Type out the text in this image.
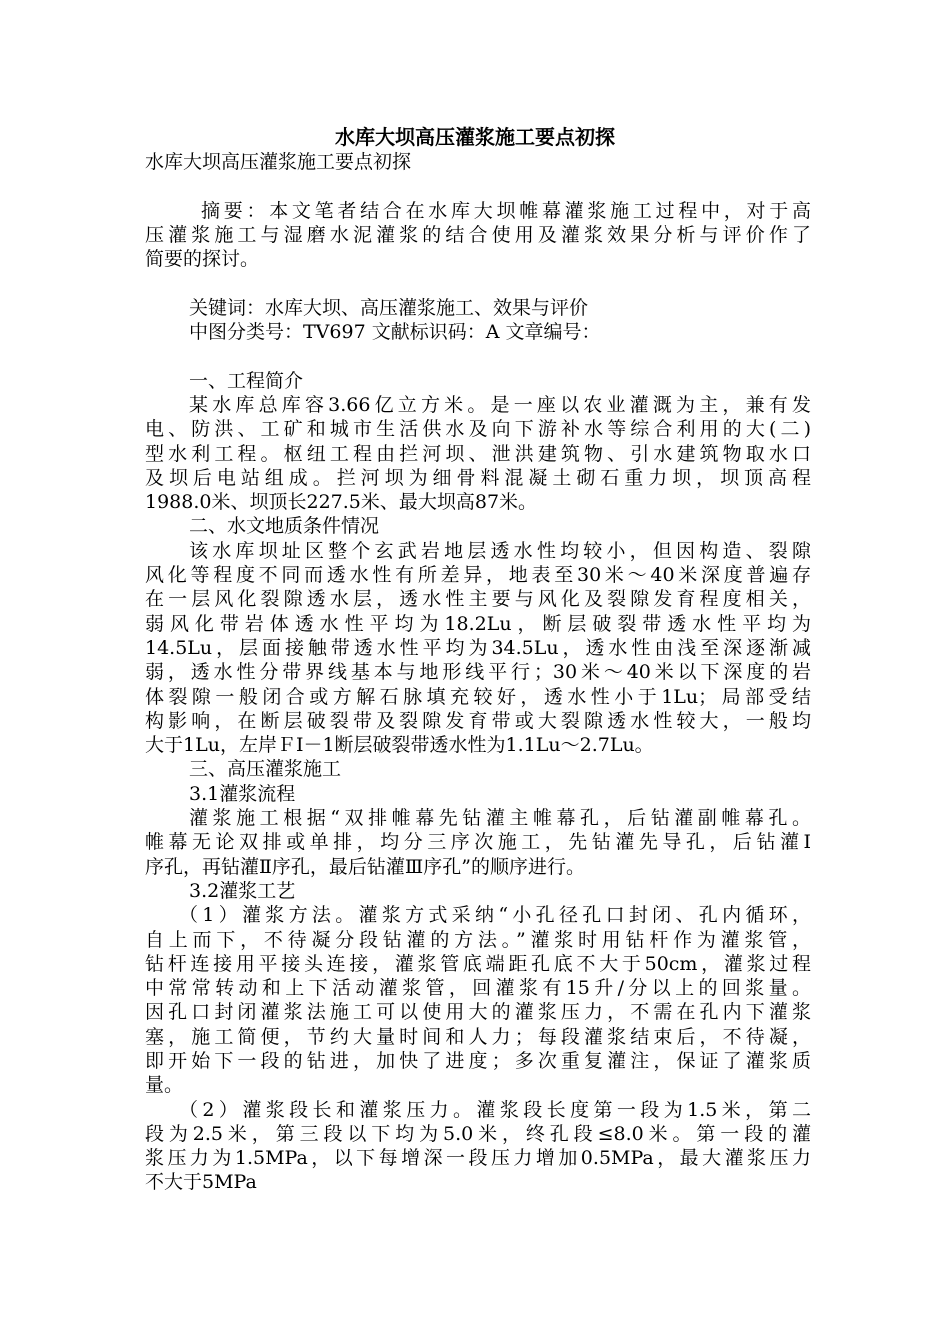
水库大坝高压灌浆施工要点初探
水库大坝高压灌浆施工要点初探
摘要：本文笔者结合在水库大坝帷幕灌浆施工过程中，对于高
压灌浆施工与湿磨水泥灌浆的结合使用及灌浆效果分析与评价作了
简要的探讨。
关键词：水库大坝、高压灌浆施工、效果与评价
中图分类号：TV697 文献标识码：A 文章编号：
一、工程简介
某水库总库容3.66亿立方米。是一座以农业灌溉为主，兼有发
电、防洪、工矿和城市生活供水及向下游补水等综合利用的大(二)
型水利工程。枢纽工程由拦河坝、泄洪建筑物、引水建筑物取水口
及坝后电站组成。拦河坝为细骨料混凝土砌石重力坝，坝顶高程
1988.0米、坝顶长227.5米、最大坝高87米。
二、水文地质条件情况
该水库坝址区整个玄武岩地层透水性均较小，但因构造、裂隙
风化等程度不同而透水性有所差异，地表至30米～40米深度普遍存
在一层风化裂隙透水层，透水性主要与风化及裂隙发育程度相关，
弱风化带岩体透水性平均为18.2Lu，断层破裂带透水性平均为
14.5Lu，层面接触带透水性平均为34.5Lu，透水性由浅至深逐渐减
弱，透水性分带界线基本与地形线平行；30米～40米以下深度的岩
体裂隙一般闭合或方解石脉填充较好，透水性小于1Lu；局部受结
构影响，在断层破裂带及裂隙发育带或大裂隙透水性较大，一般均
大于1Lu，左岸ＦⅠ－1断层破裂带透水性为1.1Lu～2.7Lu。
三、高压灌浆施工
3.1灌浆流程
灌浆施工根据“双排帷幕先钻灌主帷幕孔，后钻灌副帷幕孔。
帷幕无论双排或单排，均分三序次施工，先钻灌先导孔，后钻灌Ⅰ
序孔，再钻灌Ⅱ序孔，最后钻灌Ⅲ序孔”的顺序进行。
3.2灌浆工艺
（1）灌浆方法。灌浆方式采纳“小孔径孔口封闭、孔内循环，
自上而下，不待凝分段钻灌的方法。”灌浆时用钻杆作为灌浆管，
钻杆连接用平接头连接，灌浆管底端距孔底不大于50cm，灌浆过程
中常常转动和上下活动灌浆管，回灌浆有15升/分以上的回浆量。
因孔口封闭灌浆法施工可以使用大的灌浆压力，不需在孔内下灌浆
塞，施工简便，节约大量时间和人力；每段灌浆结束后，不待凝，
即开始下一段的钻进，加快了进度；多次重复灌注，保证了灌浆质
量。
（2）灌浆段长和灌浆压力。灌浆段长度第一段为1.5米，第二
段为2.5米，第三段以下均为5.0米，终孔段≤8.0米。第一段的灌
浆压力为1.5MPa，以下每增深一段压力增加0.5MPa，最大灌浆压力
不大于5MPa
